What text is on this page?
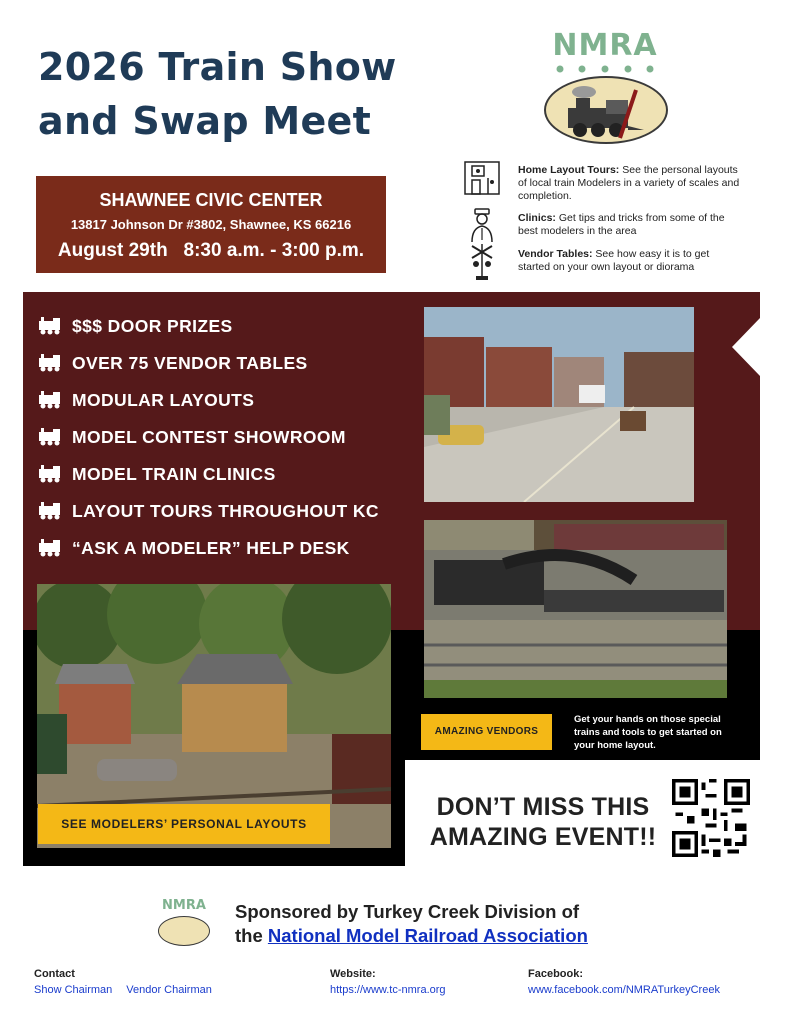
2026 Train Show
and Swap Meet
NMRA
SHAWNEE CIVIC CENTER
13817 Johnson Dr #3802, Shawnee, KS 66216
August 29th 8:30 a.m. - 3:00 p.m.
Home Layout Tours: See the personal layouts of local train Modelers in a variety of scales and completion.
Clinics: Get tips and tricks from some of the best modelers in the area
Vendor Tables: See how easy it is to get started on your own layout or diorama
$$$ DOOR PRIZES
OVER 75 VENDOR TABLES
MODULAR LAYOUTS
MODEL CONTEST SHOWROOM
MODEL TRAIN CLINICS
LAYOUT TOURS THROUGHOUT KC
“ASK A MODELER” HELP DESK
AMAZING VENDORS
Get your hands on those special trains and tools to get started on your home layout.
SEE MODELERS’ PERSONAL LAYOUTS
DON’T MISS THIS
AMAZING EVENT!!
NMRA	Sponsored by Turkey Creek Division of
the National Model Railroad Association
Contact
Show Chairman Vendor Chairman
Website:
https://www.tc-nmra.org
Facebook:
www.facebook.com/NMRATurkeyCreek
